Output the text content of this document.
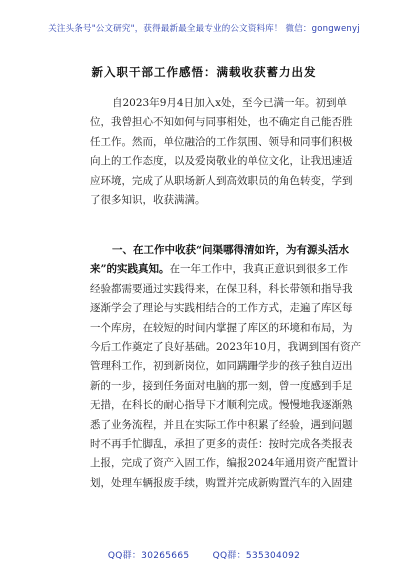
关注头条号"公文研究"，获得最新最全最专业的公文资料库！ 微信：gongwenyj
新入职干部工作感悟：满载收获蓄力出发
自2023年9月4日加入x处，至今已满一年。初到单
位，我曾担心不知如何与同事相处，也不确定自己能否胜
任工作。然而，单位融洽的工作氛围、领导和同事们积极
向上的工作态度，以及爱岗敬业的单位文化，让我迅速适
应环境，完成了从职场新人到高效职员的角色转变，学到
了很多知识，收获满满。
一、在工作中收获“问渠哪得清如许，为有源头活水
来”的实践真知。在一年工作中，我真正意识到很多工作
经验都需要通过实践得来，在保卫科，科长带领和指导我
逐渐学会了理论与实践相结合的工作方式，走遍了库区每
一个库房，在较短的时间内掌握了库区的环境和布局，为
今后工作奠定了良好基础。2023年10月，我调到国有资产
管理科工作，初到新岗位，如同蹒跚学步的孩子独自迈出
新的一步，接到任务面对电脑的那一刻，曾一度感到手足
无措，在科长的耐心指导下才顺利完成。慢慢地我逐渐熟
悉了业务流程，并且在实际工作中积累了经验，遇到问题
时不再手忙脚乱，承担了更多的责任：按时完成各类报表
上报，完成了资产入固工作，编报2024年通用资产配置计
划，处理车辆报废手续，购置并完成新购置汽车的入固建
QQ群：30265665	QQ群：535304092
